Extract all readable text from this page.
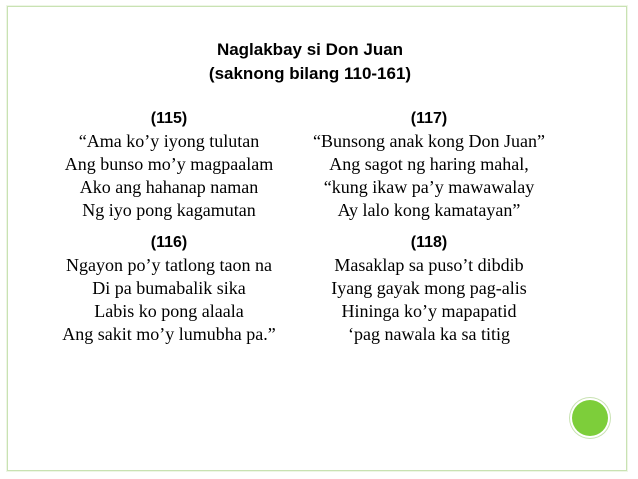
Naglakbay si Don Juan
(saknong bilang 110-161)
(115)
“Ama ko’y iyong tulutan
Ang bunso mo’y magpaalam
Ako ang hahanap naman
Ng iyo pong kagamutan
(117)
“Bunsong anak kong Don Juan”
Ang sagot ng haring mahal,
“kung ikaw pa’y mawawalay
Ay lalo kong kamatayan”
(116)
Ngayon po’y tatlong taon na
Di pa bumabalik sika
Labis ko pong alaala
Ang sakit mo’y lumubha pa.”
(118)
Masaklap sa puso’t dibdib
Iyang gayak mong pag-alis
Hininga ko’y mapapatid
‘pag nawala ka sa titig
